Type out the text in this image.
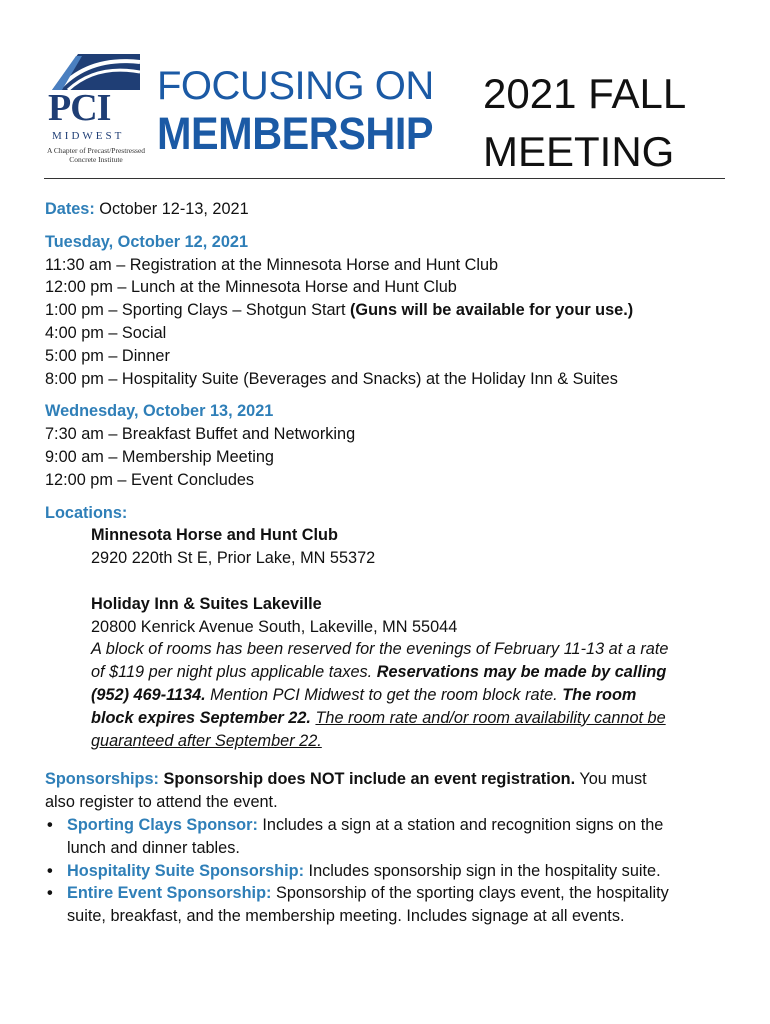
PCI
MIDWEST
A Chapter of Precast/Prestressed Concrete Institute
FOCUSING ON
MEMBERSHIP
2021 FALL
MEETING
Dates: October 12-13, 2021
Tuesday, October 12, 2021
11:30 am – Registration at the Minnesota Horse and Hunt Club
12:00 pm – Lunch at the Minnesota Horse and Hunt Club
1:00 pm – Sporting Clays – Shotgun Start (Guns will be available for your use.)
4:00 pm – Social
5:00 pm – Dinner
8:00 pm – Hospitality Suite (Beverages and Snacks) at the Holiday Inn & Suites
Wednesday, October 13, 2021
7:30 am – Breakfast Buffet and Networking
9:00 am – Membership Meeting
12:00 pm – Event Concludes
Locations:
Minnesota Horse and Hunt Club
2920 220th St E, Prior Lake, MN 55372
Holiday Inn & Suites Lakeville
20800 Kenrick Avenue South, Lakeville, MN 55044
A block of rooms has been reserved for the evenings of February 11-13 at a rate
of $119 per night plus applicable taxes. Reservations may be made by calling
(952) 469-1134. Mention PCI Midwest to get the room block rate. The room
block expires September 22. The room rate and/or room availability cannot be
guaranteed after September 22.
Sponsorships: Sponsorship does NOT include an event registration. You must
also register to attend the event.
• Sporting Clays Sponsor: Includes a sign at a station and recognition signs on the
lunch and dinner tables.
• Hospitality Suite Sponsorship: Includes sponsorship sign in the hospitality suite.
• Entire Event Sponsorship: Sponsorship of the sporting clays event, the hospitality
suite, breakfast, and the membership meeting. Includes signage at all events.
